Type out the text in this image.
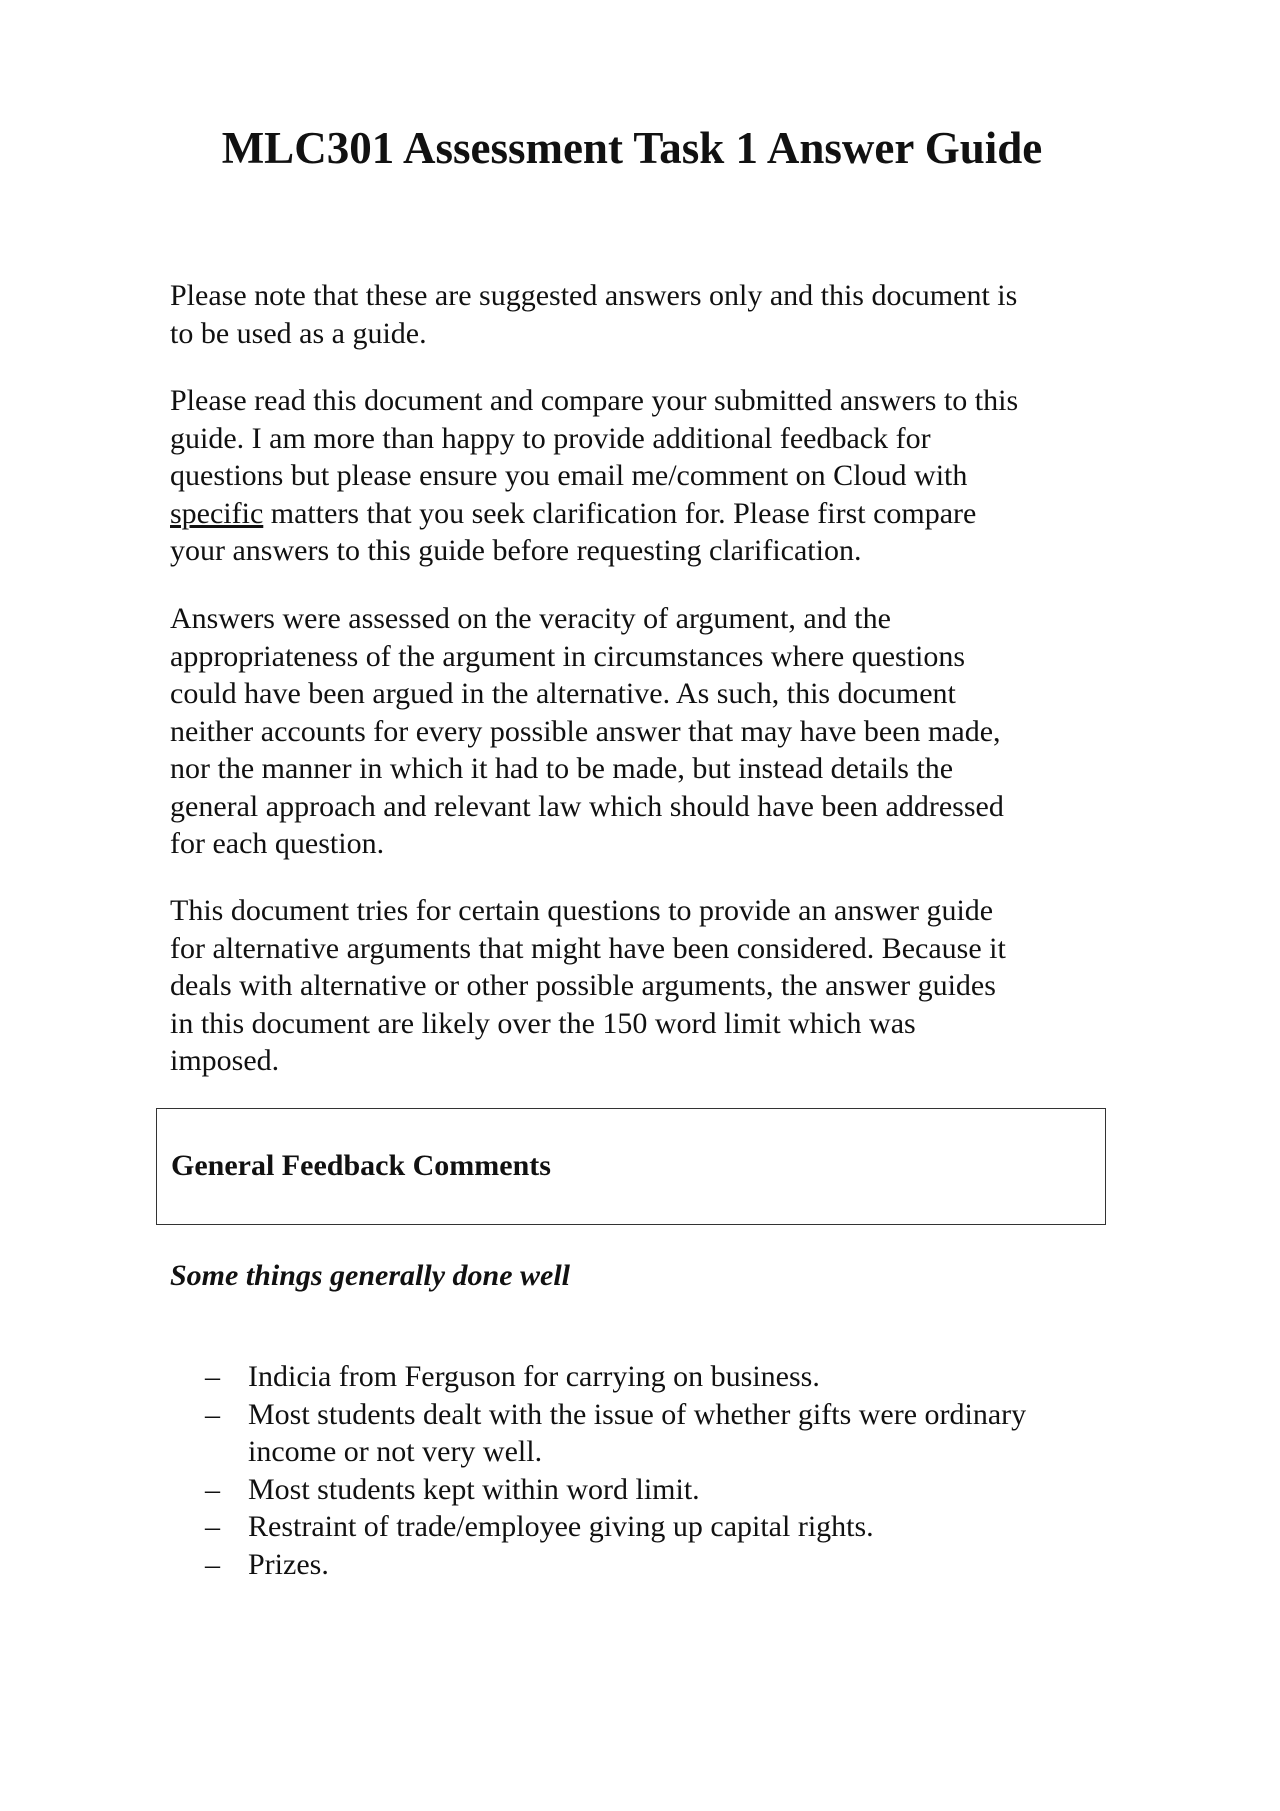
MLC301 Assessment Task 1 Answer Guide

Please note that these are suggested answers only and this document is
to be used as a guide.

Please read this document and compare your submitted answers to this
guide. I am more than happy to provide additional feedback for
questions but please ensure you email me/comment on Cloud with
specific matters that you seek clarification for. Please first compare
your answers to this guide before requesting clarification.

Answers were assessed on the veracity of argument, and the
appropriateness of the argument in circumstances where questions
could have been argued in the alternative. As such, this document
neither accounts for every possible answer that may have been made,
nor the manner in which it had to be made, but instead details the
general approach and relevant law which should have been addressed
for each question.

This document tries for certain questions to provide an answer guide
for alternative arguments that might have been considered. Because it
deals with alternative or other possible arguments, the answer guides
in this document are likely over the 150 word limit which was
imposed.

General Feedback Comments
Some things generally done well
– Indicia from Ferguson for carrying on business.
– Most students dealt with the issue of whether gifts were ordinary
income or not very well.
– Most students kept within word limit.
– Restraint of trade/employee giving up capital rights.
– Prizes.
